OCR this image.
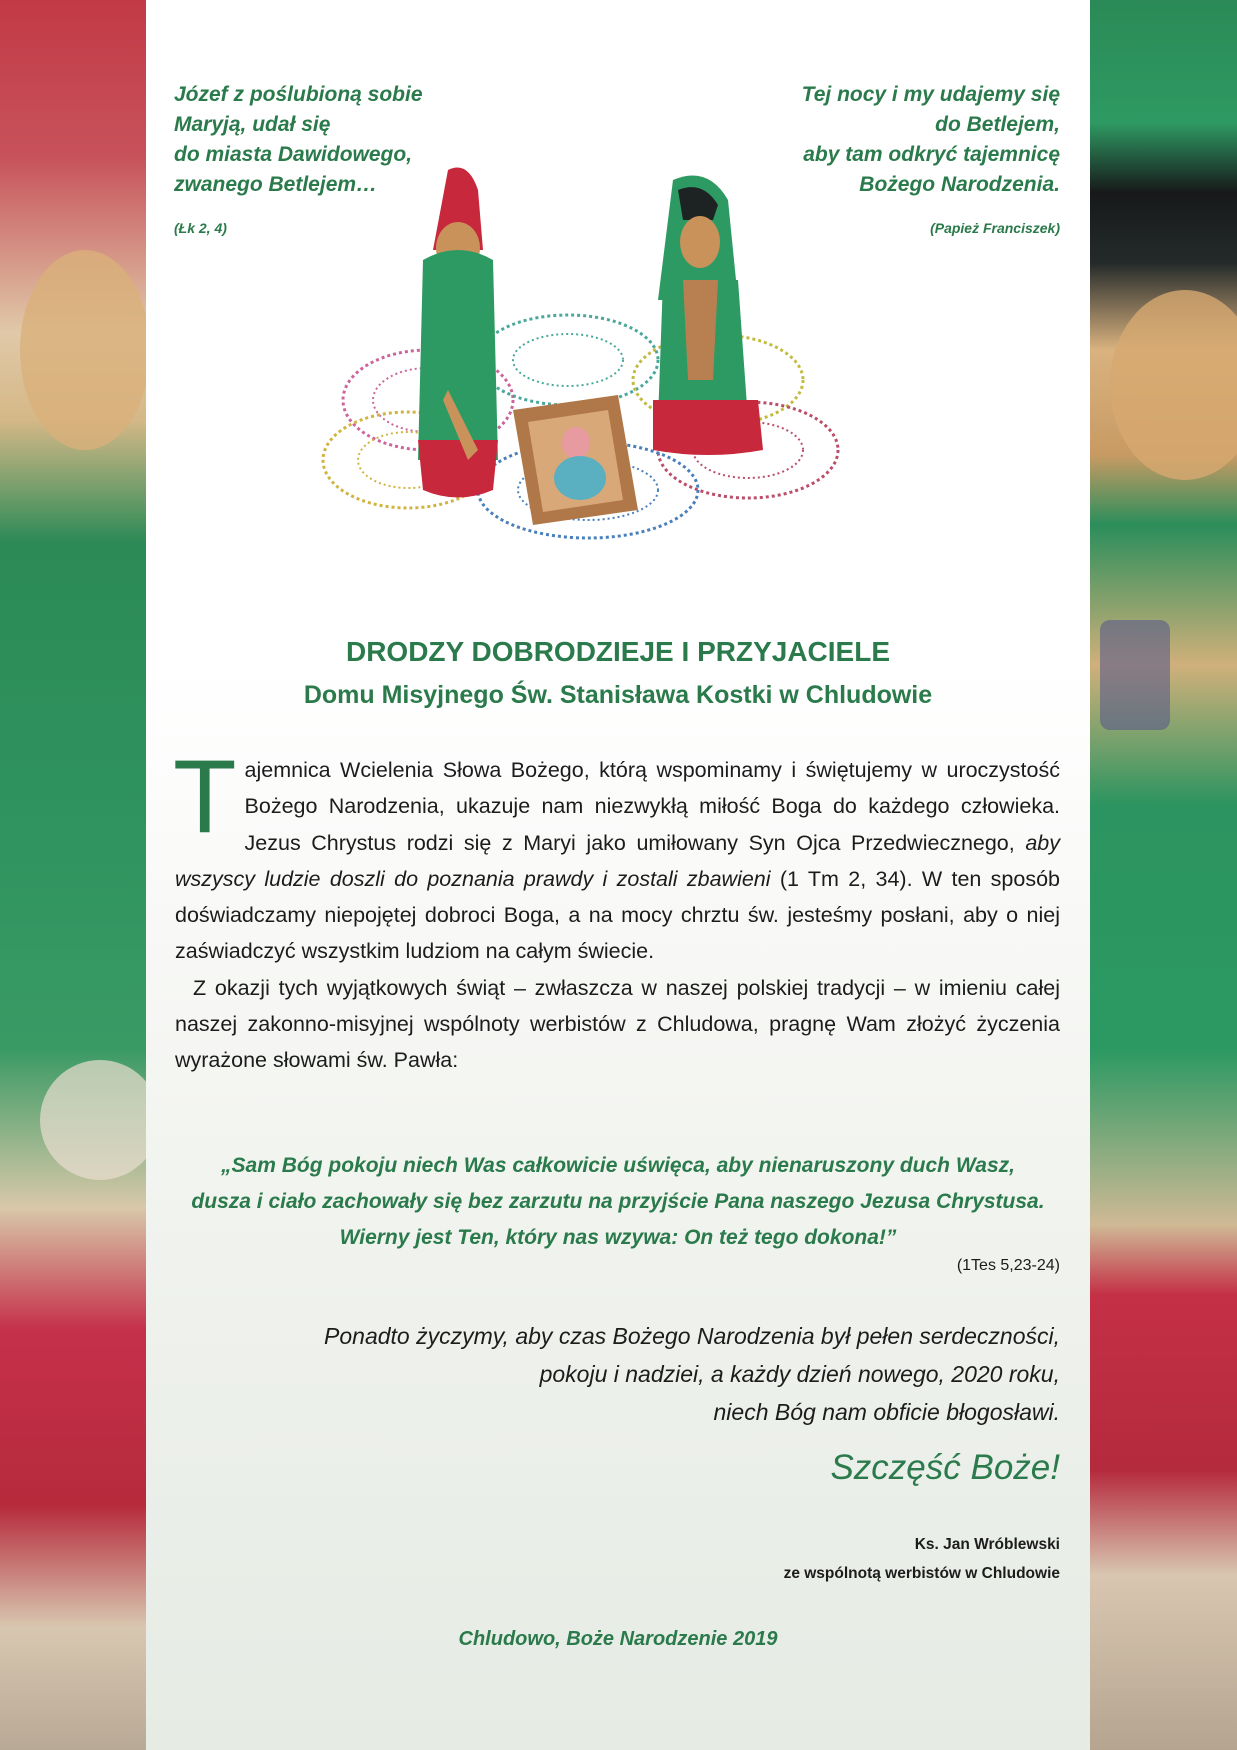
Józef z poślubioną sobie
Maryją, udał się
do miasta Dawidowego,
zwanego Betlejem…
(Łk 2, 4)
Tej nocy i my udajemy się
do Betlejem,
aby tam odkryć tajemnicę
Bożego Narodzenia.
(Papież Franciszek)
DRODZY DOBRODZIEJE I PRZYJACIELE
Domu Misyjnego Św. Stanisława Kostki w Chludowie

Tajemnica Wcielenia Słowa Bożego, którą wspominamy i świętujemy w uroczystość Bożego Narodzenia, ukazuje nam niezwykłą miłość Boga do każdego człowieka. Jezus Chrystus rodzi się z Maryi jako umiłowany Syn Ojca Przedwiecznego, aby wszyscy ludzie doszli do poznania prawdy i zostali zbawieni (1 Tm 2, 34). W ten sposób doświadczamy niepojętej dobroci Boga, a na mocy chrztu św. jesteśmy posłani, aby o niej zaświadczyć wszystkim ludziom na całym świecie.

Z okazji tych wyjątkowych świąt – zwłaszcza w naszej polskiej tradycji – w imieniu całej naszej zakonno-misyjnej wspólnoty werbistów z Chludowa, pragnę Wam złożyć życzenia wyrażone słowami św. Pawła:

„Sam Bóg pokoju niech Was całkowicie uświęca, aby nienaruszony duch Wasz,
dusza i ciało zachowały się bez zarzutu na przyjście Pana naszego Jezusa Chrystusa.
Wierny jest Ten, który nas wzywa: On też tego dokona!”
(1Tes 5,23-24)
Ponadto życzymy, aby czas Bożego Narodzenia był pełen serdeczności,
pokoju i nadziei, a każdy dzień nowego, 2020 roku,
niech Bóg nam obficie błogosławi.
Szczęść Boże!
Ks. Jan Wróblewski
ze wspólnotą werbistów w Chludowie
Chludowo, Boże Narodzenie 2019
